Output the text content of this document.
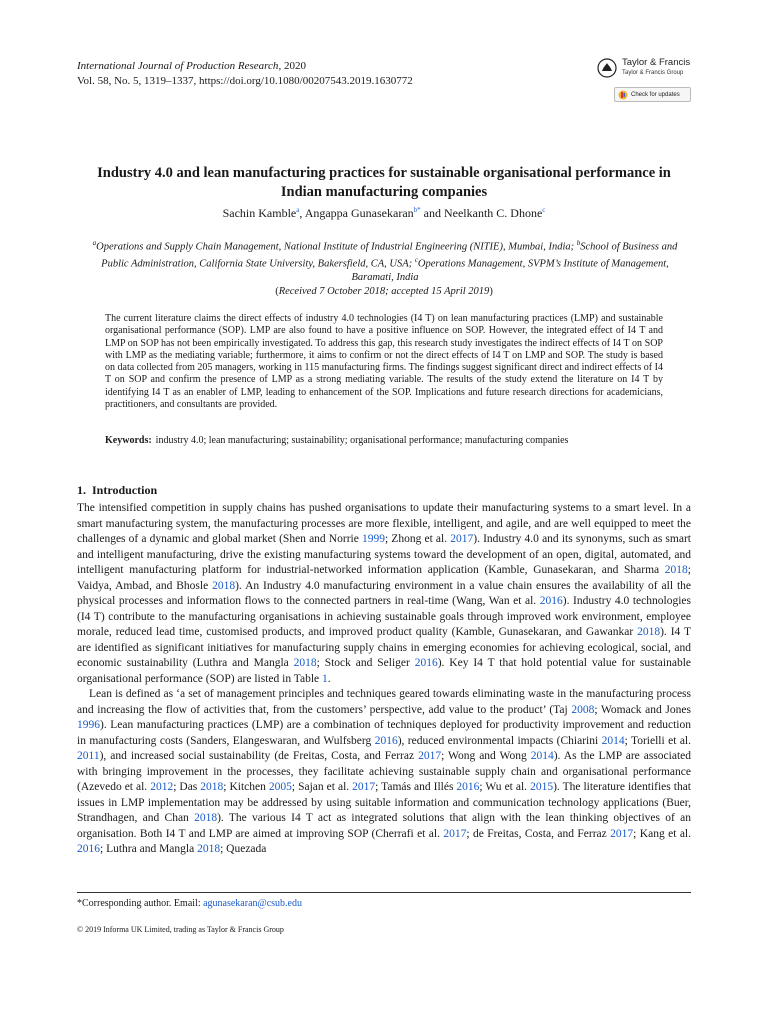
International Journal of Production Research, 2020
Vol. 58, No. 5, 1319–1337, https://doi.org/10.1080/00207543.2019.1630772
Taylor & Francis
Taylor & Francis Group
Check for updates
Industry 4.0 and lean manufacturing practices for sustainable organisational performance in Indian manufacturing companies
Sachin Kamble$^a$, Angappa Gunasekaran$^{b*}$ and Neelkanth C. Dhone$^c$
$^a$Operations and Supply Chain Management, National Institute of Industrial Engineering (NITIE), Mumbai, India; $^b$School of Business and Public Administration, California State University, Bakersfield, CA, USA; $^c$Operations Management, SVPM’s Institute of Management, Baramati, India
(Received 7 October 2018; accepted 15 April 2019)
The current literature claims the direct effects of industry 4.0 technologies (I4 T) on lean manufacturing practices (LMP) and sustainable organisational performance (SOP). LMP are also found to have a positive influence on SOP. However, the integrated effect of I4 T and LMP on SOP has not been empirically investigated. To address this gap, this research study investigates the indirect effects of I4 T on SOP with LMP as the mediating variable; furthermore, it aims to confirm or not the direct effects of I4 T on LMP and SOP. The study is based on data collected from 205 managers, working in 115 manufacturing firms. The findings suggest significant direct and indirect effects of I4 T on SOP and confirm the presence of LMP as a strong mediating variable. The results of the study extend the literature on I4 T by identifying I4 T as an enabler of LMP, leading to enhancement of the SOP. Implications and future research directions for academicians, practitioners, and consultants are provided.
Keywords: industry 4.0; lean manufacturing; sustainability; organisational performance; manufacturing companies
1. Introduction

The intensified competition in supply chains has pushed organisations to update their manufacturing systems to a smart level. In a smart manufacturing system, the manufacturing processes are more flexible, intelligent, and agile, and are well equipped to meet the challenges of a dynamic and global market (Shen and Norrie 1999; Zhong et al. 2017). Industry 4.0 and its synonyms, such as smart and intelligent manufacturing, drive the existing manufacturing systems toward the development of an open, digital, automated, and intelligent manufacturing platform for industrial-networked information application (Kamble, Gunasekaran, and Sharma 2018; Vaidya, Ambad, and Bhosle 2018). An Industry 4.0 manufacturing environment in a value chain ensures the availability of all the physical processes and information flows to the connected partners in real-time (Wang, Wan et al. 2016). Industry 4.0 technologies (I4 T) contribute to the manufacturing organisations in achieving sustainable goals through improved work environment, employee morale, reduced lead time, customised products, and improved product quality (Kamble, Gunasekaran, and Gawankar 2018). I4 T are identified as significant initiatives for manufacturing supply chains in emerging economies for achieving ecological, social, and economic sustainability (Luthra and Mangla 2018; Stock and Seliger 2016). Key I4 T that hold potential value for sustainable organisational performance (SOP) are listed in Table 1.

Lean is defined as ‘a set of management principles and techniques geared towards eliminating waste in the manufacturing process and increasing the flow of activities that, from the customers’ perspective, add value to the product’ (Taj 2008; Womack and Jones 1996). Lean manufacturing practices (LMP) are a combination of techniques deployed for productivity improvement and reduction in manufacturing costs (Sanders, Elangeswaran, and Wulfsberg 2016), reduced environmental impacts (Chiarini 2014; Torielli et al. 2011), and increased social sustainability (de Freitas, Costa, and Ferraz 2017; Wong and Wong 2014). As the LMP are associated with bringing improvement in the processes, they facilitate achieving sustainable supply chain and organisational performance (Azevedo et al. 2012; Das 2018; Kitchen 2005; Sajan et al. 2017; Tamás and Illés 2016; Wu et al. 2015). The literature identifies that issues in LMP implementation may be addressed by using suitable information and communication technology applications (Buer, Strandhagen, and Chan 2018). The various I4 T act as integrated solutions that align with the lean thinking objectives of an organisation. Both I4 T and LMP are aimed at improving SOP (Cherrafi et al. 2017; de Freitas, Costa, and Ferraz 2017; Kang et al. 2016; Luthra and Mangla 2018; Quezada

*Corresponding author. Email: agunasekaran@csub.edu
© 2019 Informa UK Limited, trading as Taylor & Francis Group
